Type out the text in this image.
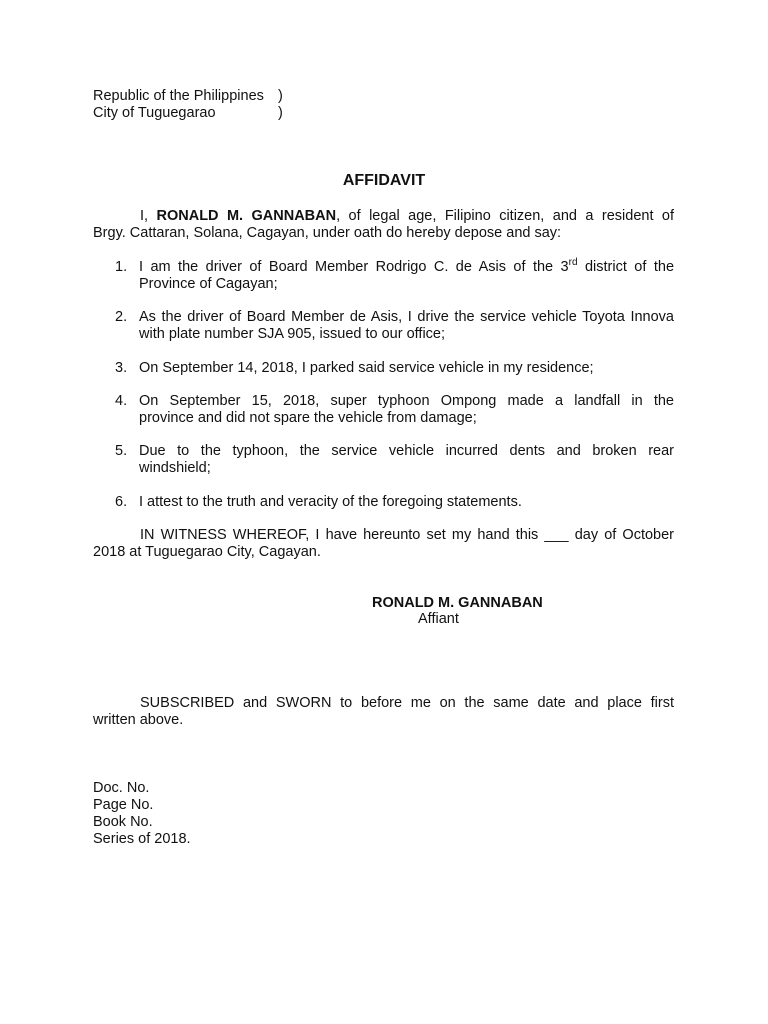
Republic of the Philippines )
City of Tuguegarao	)
AFFIDAVIT
I, RONALD M. GANNABAN, of legal age, Filipino citizen, and a resident of
Brgy. Cattaran, Solana, Cagayan, under oath do hereby depose and say:
1. I am the driver of Board Member Rodrigo C. de Asis of the 3rd district of the
Province of Cagayan;
2. As the driver of Board Member de Asis, I drive the service vehicle Toyota Innova
with plate number SJA 905, issued to our office;
3. On September 14, 2018, I parked said service vehicle in my residence;
4. On September 15, 2018, super typhoon Ompong made a landfall in the
province and did not spare the vehicle from damage;
5. Due to the typhoon, the service vehicle incurred dents and broken rear
windshield;
6. I attest to the truth and veracity of the foregoing statements.
IN WITNESS WHEREOF, I have hereunto set my hand this ___ day of October
2018 at Tuguegarao City, Cagayan.
RONALD M. GANNABAN
Affiant
SUBSCRIBED and SWORN to before me on the same date and place first
written above.
Doc. No.
Page No.
Book No.
Series of 2018.
